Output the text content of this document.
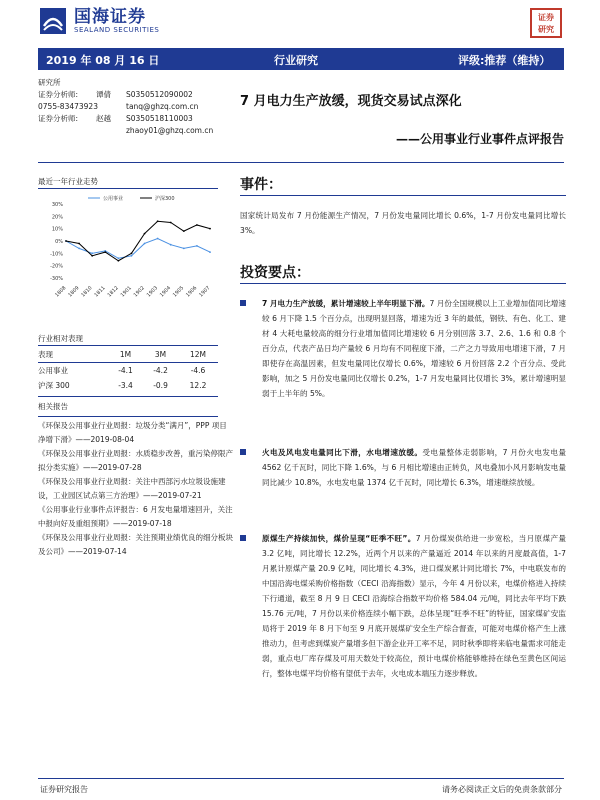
国海证券
SEALAND SECURITIES
证券
研究

2019 年 08 月 16 日	行业研究	评级:推荐（维持）
研究所
证券分析师:	谭倩	S0350512090002
0755-83473923	tanq@ghzq.com.cn
证券分析师:	赵越	S0350518110003
zhaoy01@ghzq.com.cn
7 月电力生产放缓，现货交易试点深化
——公用事业行业事件点评报告
最近一年行业走势
30%
20%
10%
0%
-10%
-20%
-30%
1808 1809 1810 1811 1812 1901 1902 1903 1904 1905 1906 1907
公用事业	沪深300
行业相对表现
表现	1M	3M	12M
公用事业	-4.1	-4.2	-4.6
沪深 300	-3.4	-0.9	12.2
相关报告
《环保及公用事业行业周报：垃圾分类“满月”，PPP 项目净增下滑》——2019-08-04
《环保及公用事业行业周报：水质稳步改善，重污染停限产拟分类实施》——2019-07-28
《环保及公用事业行业周报：关注中西部污水垃圾设施建设，工业园区试点第三方治理》——2019-07-21
《公用事业行业事件点评报告：6 月发电量增速回升，关注中报向好及重组预期》——2019-07-18
《环保及公用事业行业周报：关注预期业绩优良的细分板块及公司》——2019-07-14
事件：
国家统计局发布 7 月份能源生产情况，7 月份发电量同比增长 0.6%，1-7 月份发电量同比增长 3%。
投资要点：
7 月电力生产放缓，累计增速较上半年明显下滑。7 月份全国规模以上工业增加值同比增速较 6 月下降 1.5 个百分点，出现明显回落，增速为近 3 年的最低，钢铁、有色、化工、建材 4 大耗电量较高的细分行业增加值同比增速较 6 月分别回落 3.7、2.6、1.6 和 0.8 个百分点，代表产品日均产量较 6 月均有不同程度下滑，二产之力导致用电增速下滑，7 月即使存在高温因素，但发电量同比仅增长 0.6%，增速较 6 月份回落 2.2 个百分点、受此影响，加之 5 月份发电量同比仅增长 0.2%，1-7 月发电量同比仅增长 3%，累计增速明显弱于上半年的 5%。
火电及风电发电量同比下滑，水电增速放缓。受电量整体走弱影响，7 月份火电发电量 4562 亿千瓦时，同比下降 1.6%，与 6 月相比增速由正转负，风电叠加小风月影响发电量同比减少 10.8%，水电发电量 1374 亿千瓦时，同比增长 6.3%，增速继续放缓。
原煤生产持续加快，煤价呈现“旺季不旺”。7 月份煤炭供给进一步宽松，当月原煤产量 3.2 亿吨，同比增长 12.2%，近两个月以来的产量逼近 2014 年以来的月度最高值，1-7 月累计原煤产量 20.9 亿吨，同比增长 4.3%，进口煤炭累计同比增长 7%，中电联发布的中国沿海电煤采购价格指数（CECI 沿海指数）显示，今年 4 月份以来，电煤价格进入持续下行通道，截至 8 月 9 日 CECI 沿海综合指数平均价格 584.04 元/吨，同比去年平均下跌 15.76 元/吨，7 月份以来价格连续小幅下跌，总体呈现“旺季不旺”的特征，国家煤矿安监局将于 2019 年 8 月下旬至 9 月底开展煤矿安全生产综合督查，可能对电煤价格产生上涨推动力，但考虑到煤炭产量增多但下游企业开工率不足，同时秋季即将来临电量需求可能走弱，重点电厂库存煤及可用天数处于较高位，预计电煤价格能够维持在绿色至黄色区间运行，整体电煤平均价格有望低于去年，火电成本端压力逐步释放。
证券研究报告	请务必阅读正文后的免责条款部分
